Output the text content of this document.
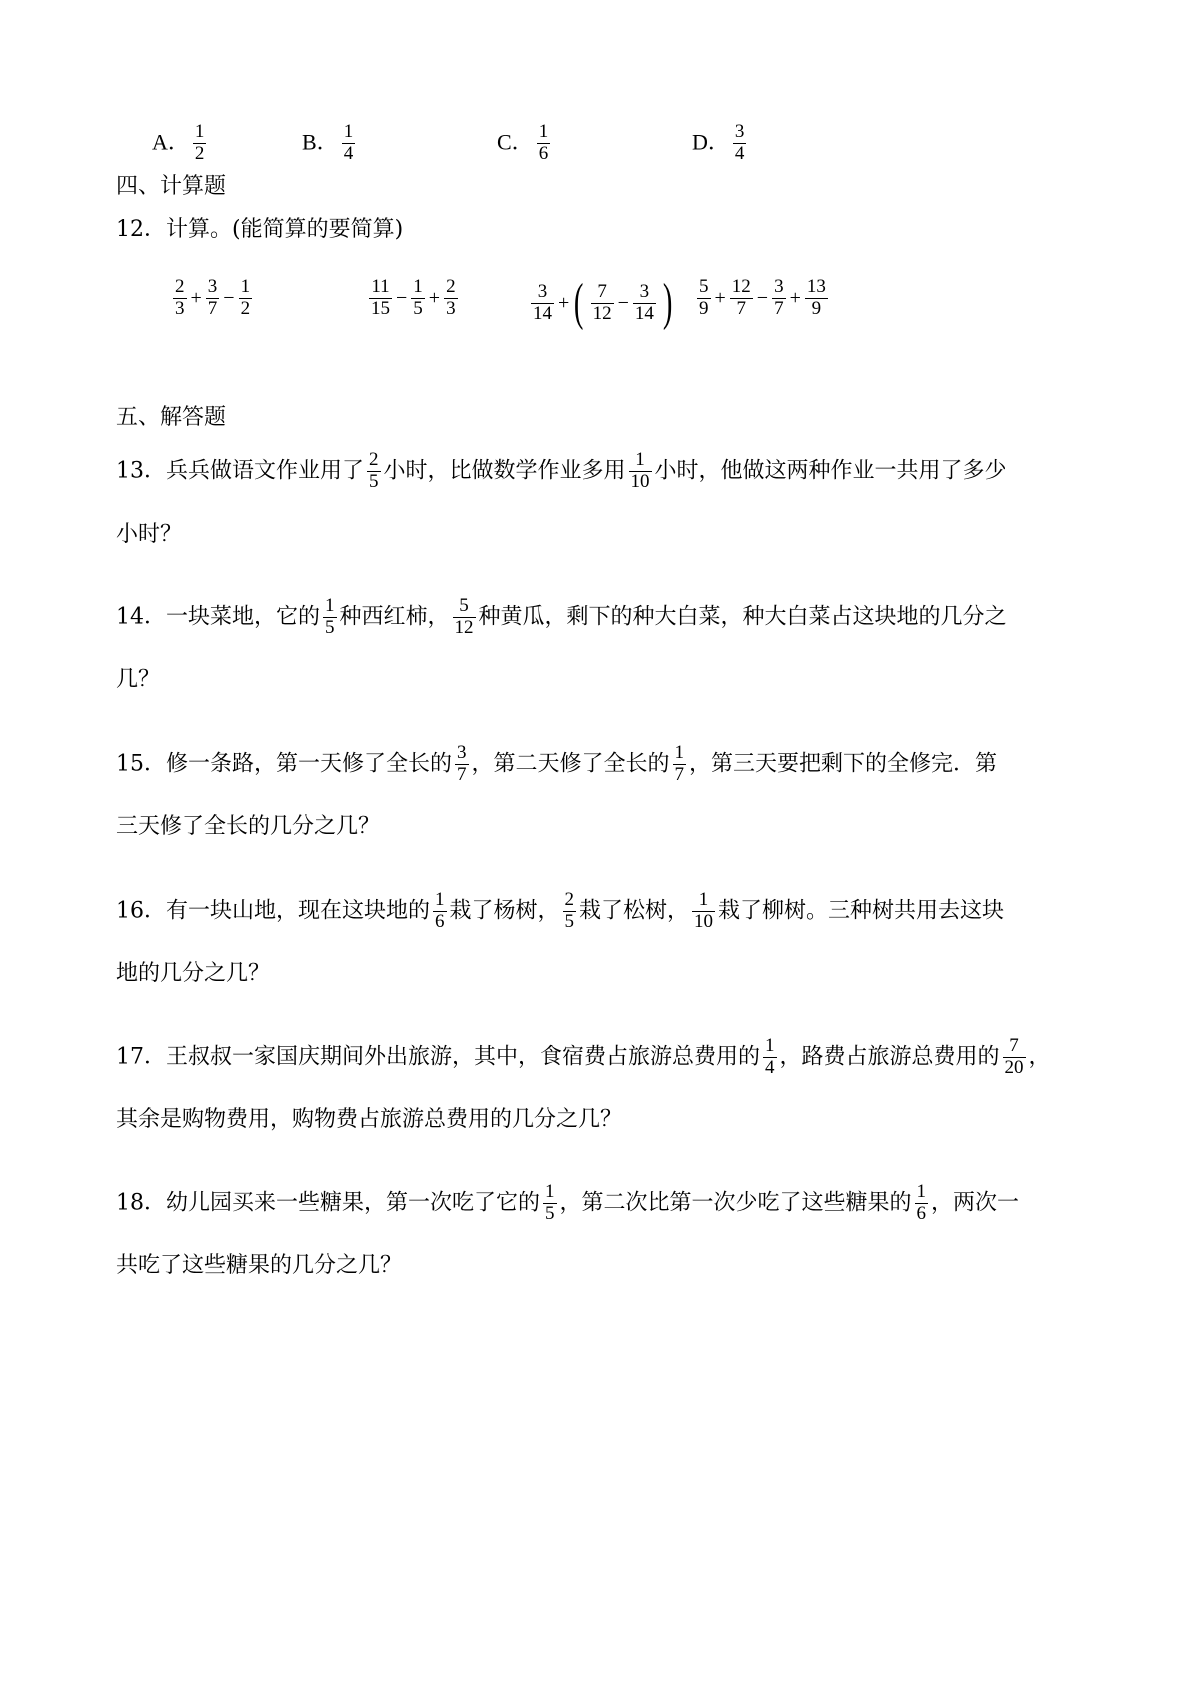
A． $\frac{1}{2}$	B． $\frac{1}{4}$	C． $\frac{1}{6}$	D． $\frac{3}{4}$
四、计算题
12．计算。(能简算的要简算)
$\frac{2}{3} + \frac{3}{7} - \frac{1}{2}$	$\frac{11}{15} - \frac{1}{5} + \frac{2}{3}$	$\frac{3}{14}$ +( $\frac{7}{12} - \frac{3}{14}$ ) $\frac{5}{9} + \frac{12}{7} - \frac{3}{7} + \frac{13}{9}$
五、解答题
13．兵兵做语文作业用了 $\frac{2}{5}$ 小时，比做数学作业多用 $\frac{1}{10}$ 小时，他做这两种作业一共用了多少
小时？
14．一块菜地，它的 $\frac{1}{5}$ 种西红柿， $\frac{5}{12}$ 种黄瓜，剩下的种大白菜，种大白菜占这块地的几分之
几？
15．修一条路，第一天修了全长的 $\frac{3}{7}$ ，第二天修了全长的 $\frac{1}{7}$ ，第三天要把剩下的全修完．第
三天修了全长的几分之几？
16．有一块山地，现在这块地的 $\frac{1}{6}$ 栽了杨树， $\frac{2}{5}$ 栽了松树， $\frac{1}{10}$ 栽了柳树。三种树共用去这块
地的几分之几？
17．王叔叔一家国庆期间外出旅游，其中，食宿费占旅游总费用的 $\frac{1}{4}$ ，路费占旅游总费用的 $\frac{7}{20}$ ，
其余是购物费用，购物费占旅游总费用的几分之几？
18．幼儿园买来一些糖果，第一次吃了它的 $\frac{1}{5}$ ，第二次比第一次少吃了这些糖果的 $\frac{1}{6}$ ，两次一
共吃了这些糖果的几分之几？
